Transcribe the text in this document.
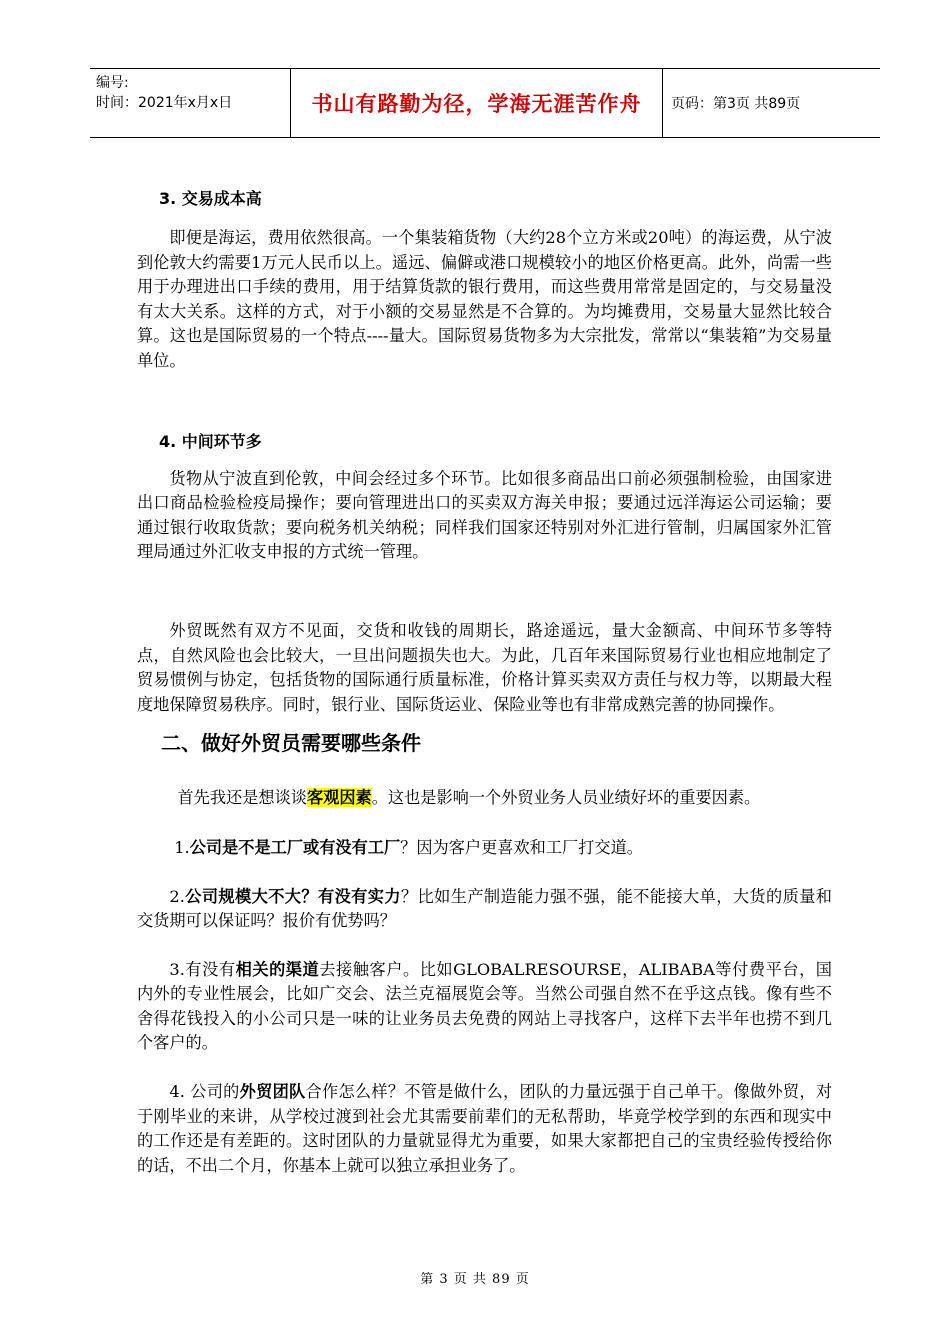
编号:
时间：2021年x月x日	书山有路勤为径，学海无涯苦作舟	页码：第3页 共89页

3. 交易成本高

即便是海运，费用依然很高。一个集装箱货物（大约28个立方米或20吨）的海运费，从宁波到伦敦大约需要1万元人民币以上。遥远、偏僻或港口规模较小的地区价格更高。此外，尚需一些用于办理进出口手续的费用，用于结算货款的银行费用，而这些费用常常是固定的，与交易量没有太大关系。这样的方式，对于小额的交易显然是不合算的。为均摊费用，交易量大显然比较合算。这也是国际贸易的一个特点----量大。国际贸易货物多为大宗批发，常常以“集装箱”为交易量单位。

4. 中间环节多

货物从宁波直到伦敦，中间会经过多个环节。比如很多商品出口前必须强制检验，由国家进出口商品检验检疫局操作；要向管理进出口的买卖双方海关申报；要通过远洋海运公司运输；要通过银行收取货款；要向税务机关纳税；同样我们国家还特别对外汇进行管制，归属国家外汇管理局通过外汇收支申报的方式统一管理。

外贸既然有双方不见面，交货和收钱的周期长，路途遥远，量大金额高、中间环节多等特点，自然风险也会比较大，一旦出问题损失也大。为此，几百年来国际贸易行业也相应地制定了贸易惯例与协定，包括货物的国际通行质量标准，价格计算买卖双方责任与权力等，以期最大程度地保障贸易秩序。同时，银行业、国际货运业、保险业等也有非常成熟完善的协同操作。

二、做好外贸员需要哪些条件

首先我还是想谈谈客观因素。这也是影响一个外贸业务人员业绩好坏的重要因素。

1.公司是不是工厂或有没有工厂？因为客户更喜欢和工厂打交道。

2.公司规模大不大？有没有实力？比如生产制造能力强不强，能不能接大单，大货的质量和交货期可以保证吗？报价有优势吗？

3.有没有相关的渠道去接触客户。比如GLOBALRESOURSE，ALIBABA等付费平台，国内外的专业性展会，比如广交会、法兰克福展览会等。当然公司强自然不在乎这点钱。像有些不舍得花钱投入的小公司只是一味的让业务员去免费的网站上寻找客户，这样下去半年也捞不到几个客户的。

4. 公司的外贸团队合作怎么样？不管是做什么，团队的力量远强于自己单干。像做外贸，对于刚毕业的来讲，从学校过渡到社会尤其需要前辈们的无私帮助，毕竟学校学到的东西和现实中的工作还是有差距的。这时团队的力量就显得尤为重要，如果大家都把自己的宝贵经验传授给你的话，不出二个月，你基本上就可以独立承担业务了。

第 3 页 共 89 页
